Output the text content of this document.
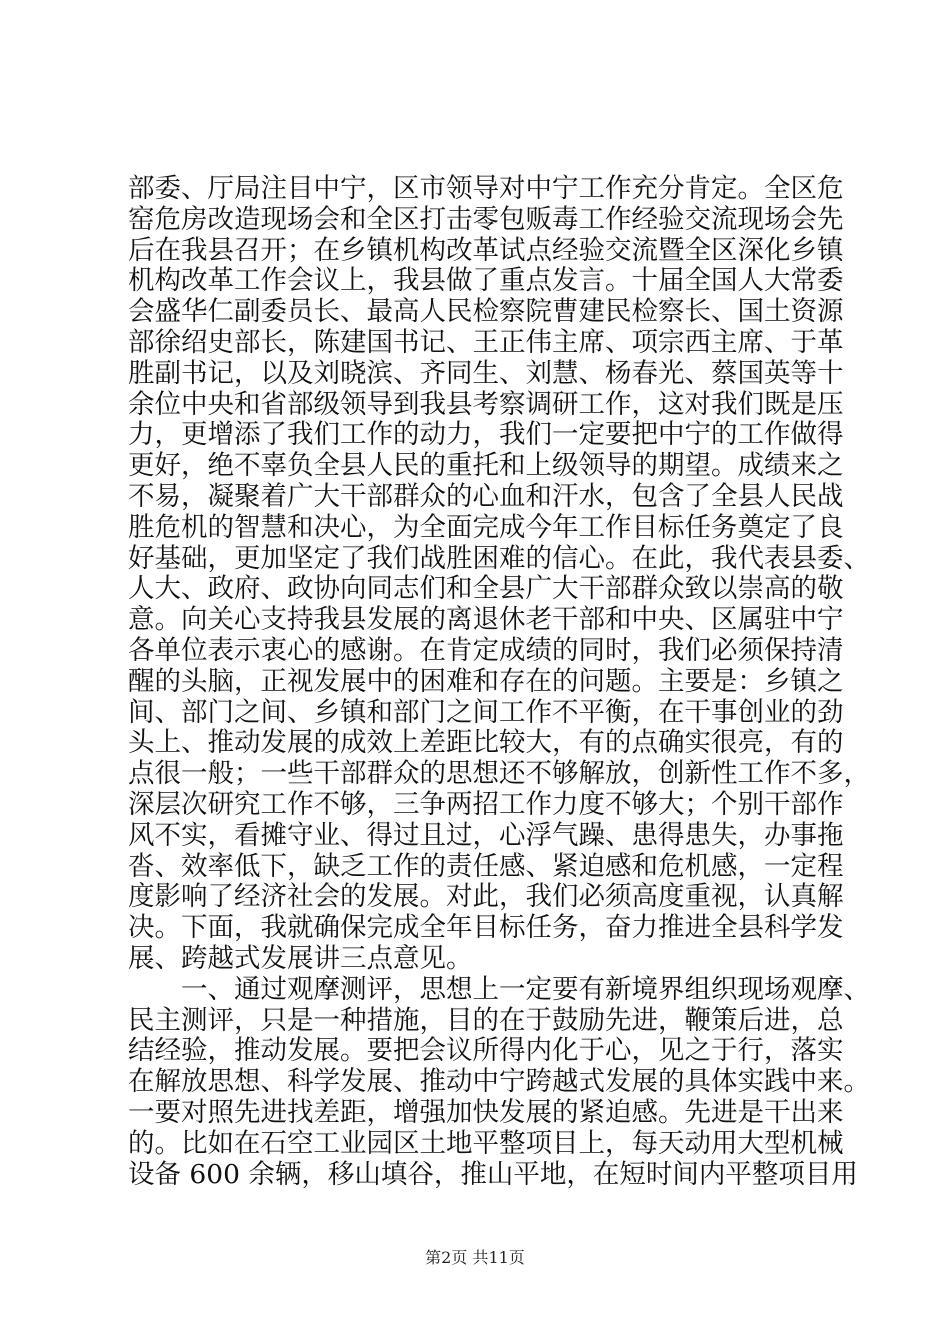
部委、厅局注目中宁，区市领导对中宁工作充分肯定。全区危
窑危房改造现场会和全区打击零包贩毒工作经验交流现场会先
后在我县召开；在乡镇机构改革试点经验交流暨全区深化乡镇
机构改革工作会议上，我县做了重点发言。十届全国人大常委
会盛华仁副委员长、最高人民检察院曹建民检察长、国土资源
部徐绍史部长，陈建国书记、王正伟主席、项宗西主席、于革
胜副书记，以及刘晓滨、齐同生、刘慧、杨春光、蔡国英等十
余位中央和省部级领导到我县考察调研工作，这对我们既是压
力，更增添了我们工作的动力，我们一定要把中宁的工作做得
更好，绝不辜负全县人民的重托和上级领导的期望。成绩来之
不易，凝聚着广大干部群众的心血和汗水，包含了全县人民战
胜危机的智慧和决心，为全面完成今年工作目标任务奠定了良
好基础，更加坚定了我们战胜困难的信心。在此，我代表县委、
人大、政府、政协向同志们和全县广大干部群众致以崇高的敬
意。向关心支持我县发展的离退休老干部和中央、区属驻中宁
各单位表示衷心的感谢。在肯定成绩的同时，我们必须保持清
醒的头脑，正视发展中的困难和存在的问题。主要是：乡镇之
间、部门之间、乡镇和部门之间工作不平衡，在干事创业的劲
头上、推动发展的成效上差距比较大，有的点确实很亮，有的
点很一般；一些干部群众的思想还不够解放，创新性工作不多，
深层次研究工作不够，三争两招工作力度不够大；个别干部作
风不实，看摊守业、得过且过，心浮气躁、患得患失，办事拖
沓、效率低下，缺乏工作的责任感、紧迫感和危机感，一定程
度影响了经济社会的发展。对此，我们必须高度重视，认真解
决。下面，我就确保完成全年目标任务，奋力推进全县科学发
展、跨越式发展讲三点意见。
　　一、通过观摩测评，思想上一定要有新境界组织现场观摩、
民主测评，只是一种措施，目的在于鼓励先进，鞭策后进，总
结经验，推动发展。要把会议所得内化于心，见之于行，落实
在解放思想、科学发展、推动中宁跨越式发展的具体实践中来。
一要对照先进找差距，增强加快发展的紧迫感。先进是干出来
的。比如在石空工业园区土地平整项目上，每天动用大型机械
设备 600 余辆，移山填谷，推山平地，在短时间内平整项目用
第2页 共11页
